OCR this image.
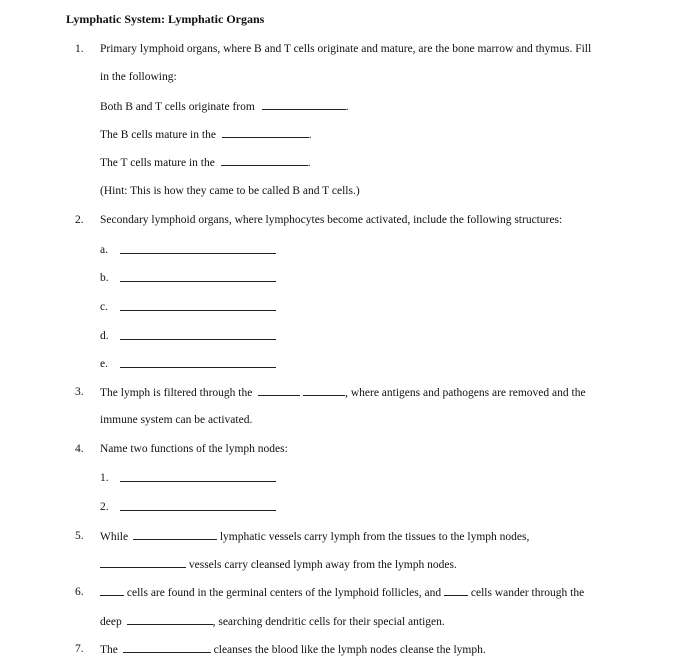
Lymphatic System: Lymphatic Organs
1. Primary lymphoid organs, where B and T cells originate and mature, are the bone marrow and thymus. Fill
in the following:
Both B and T cells originate from	.
The B cells mature in the	.
The T cells mature in the	.
(Hint: This is how they came to be called B and T cells.)
2. Secondary lymphoid organs, where lymphocytes become activated, include the following structures:
a.
b.
c.
d.
e.
3. The lymph is filtered through the	, where antigens and pathogens are removed and the
immune system can be activated.
4. Name two functions of the lymph nodes:
1.
2.
5. While	lymphatic vessels carry lymph from the tissues to the lymph nodes,
vessels carry cleansed lymph away from the lymph nodes.
6.	cells are found in the germinal centers of the lymphoid follicles, and	cells wander through the
deep	, searching dendritic cells for their special antigen.
7. The	cleanses the blood like the lymph nodes cleanse the lymph.
